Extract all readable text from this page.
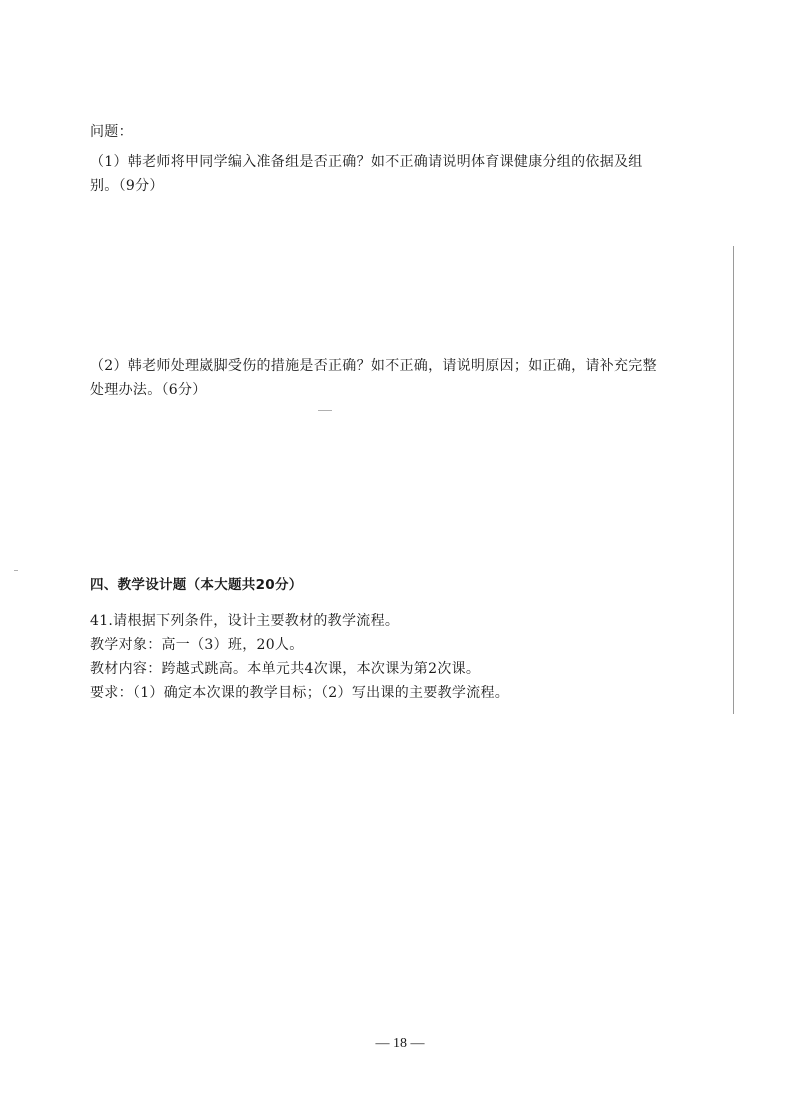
问题：
（1）韩老师将甲同学编入准备组是否正确？如不正确请说明体育课健康分组的依据及组
别。（9分）
（2）韩老师处理崴脚受伤的措施是否正确？如不正确，请说明原因；如正确，请补充完整
处理办法。（6分）
四、教学设计题（本大题共20分）
41.请根据下列条件，设计主要教材的教学流程。
教学对象：高一（3）班，20人。
教材内容：跨越式跳高。本单元共4次课，本次课为第2次课。
要求：（1）确定本次课的教学目标；（2）写出课的主要教学流程。
— 18 —
